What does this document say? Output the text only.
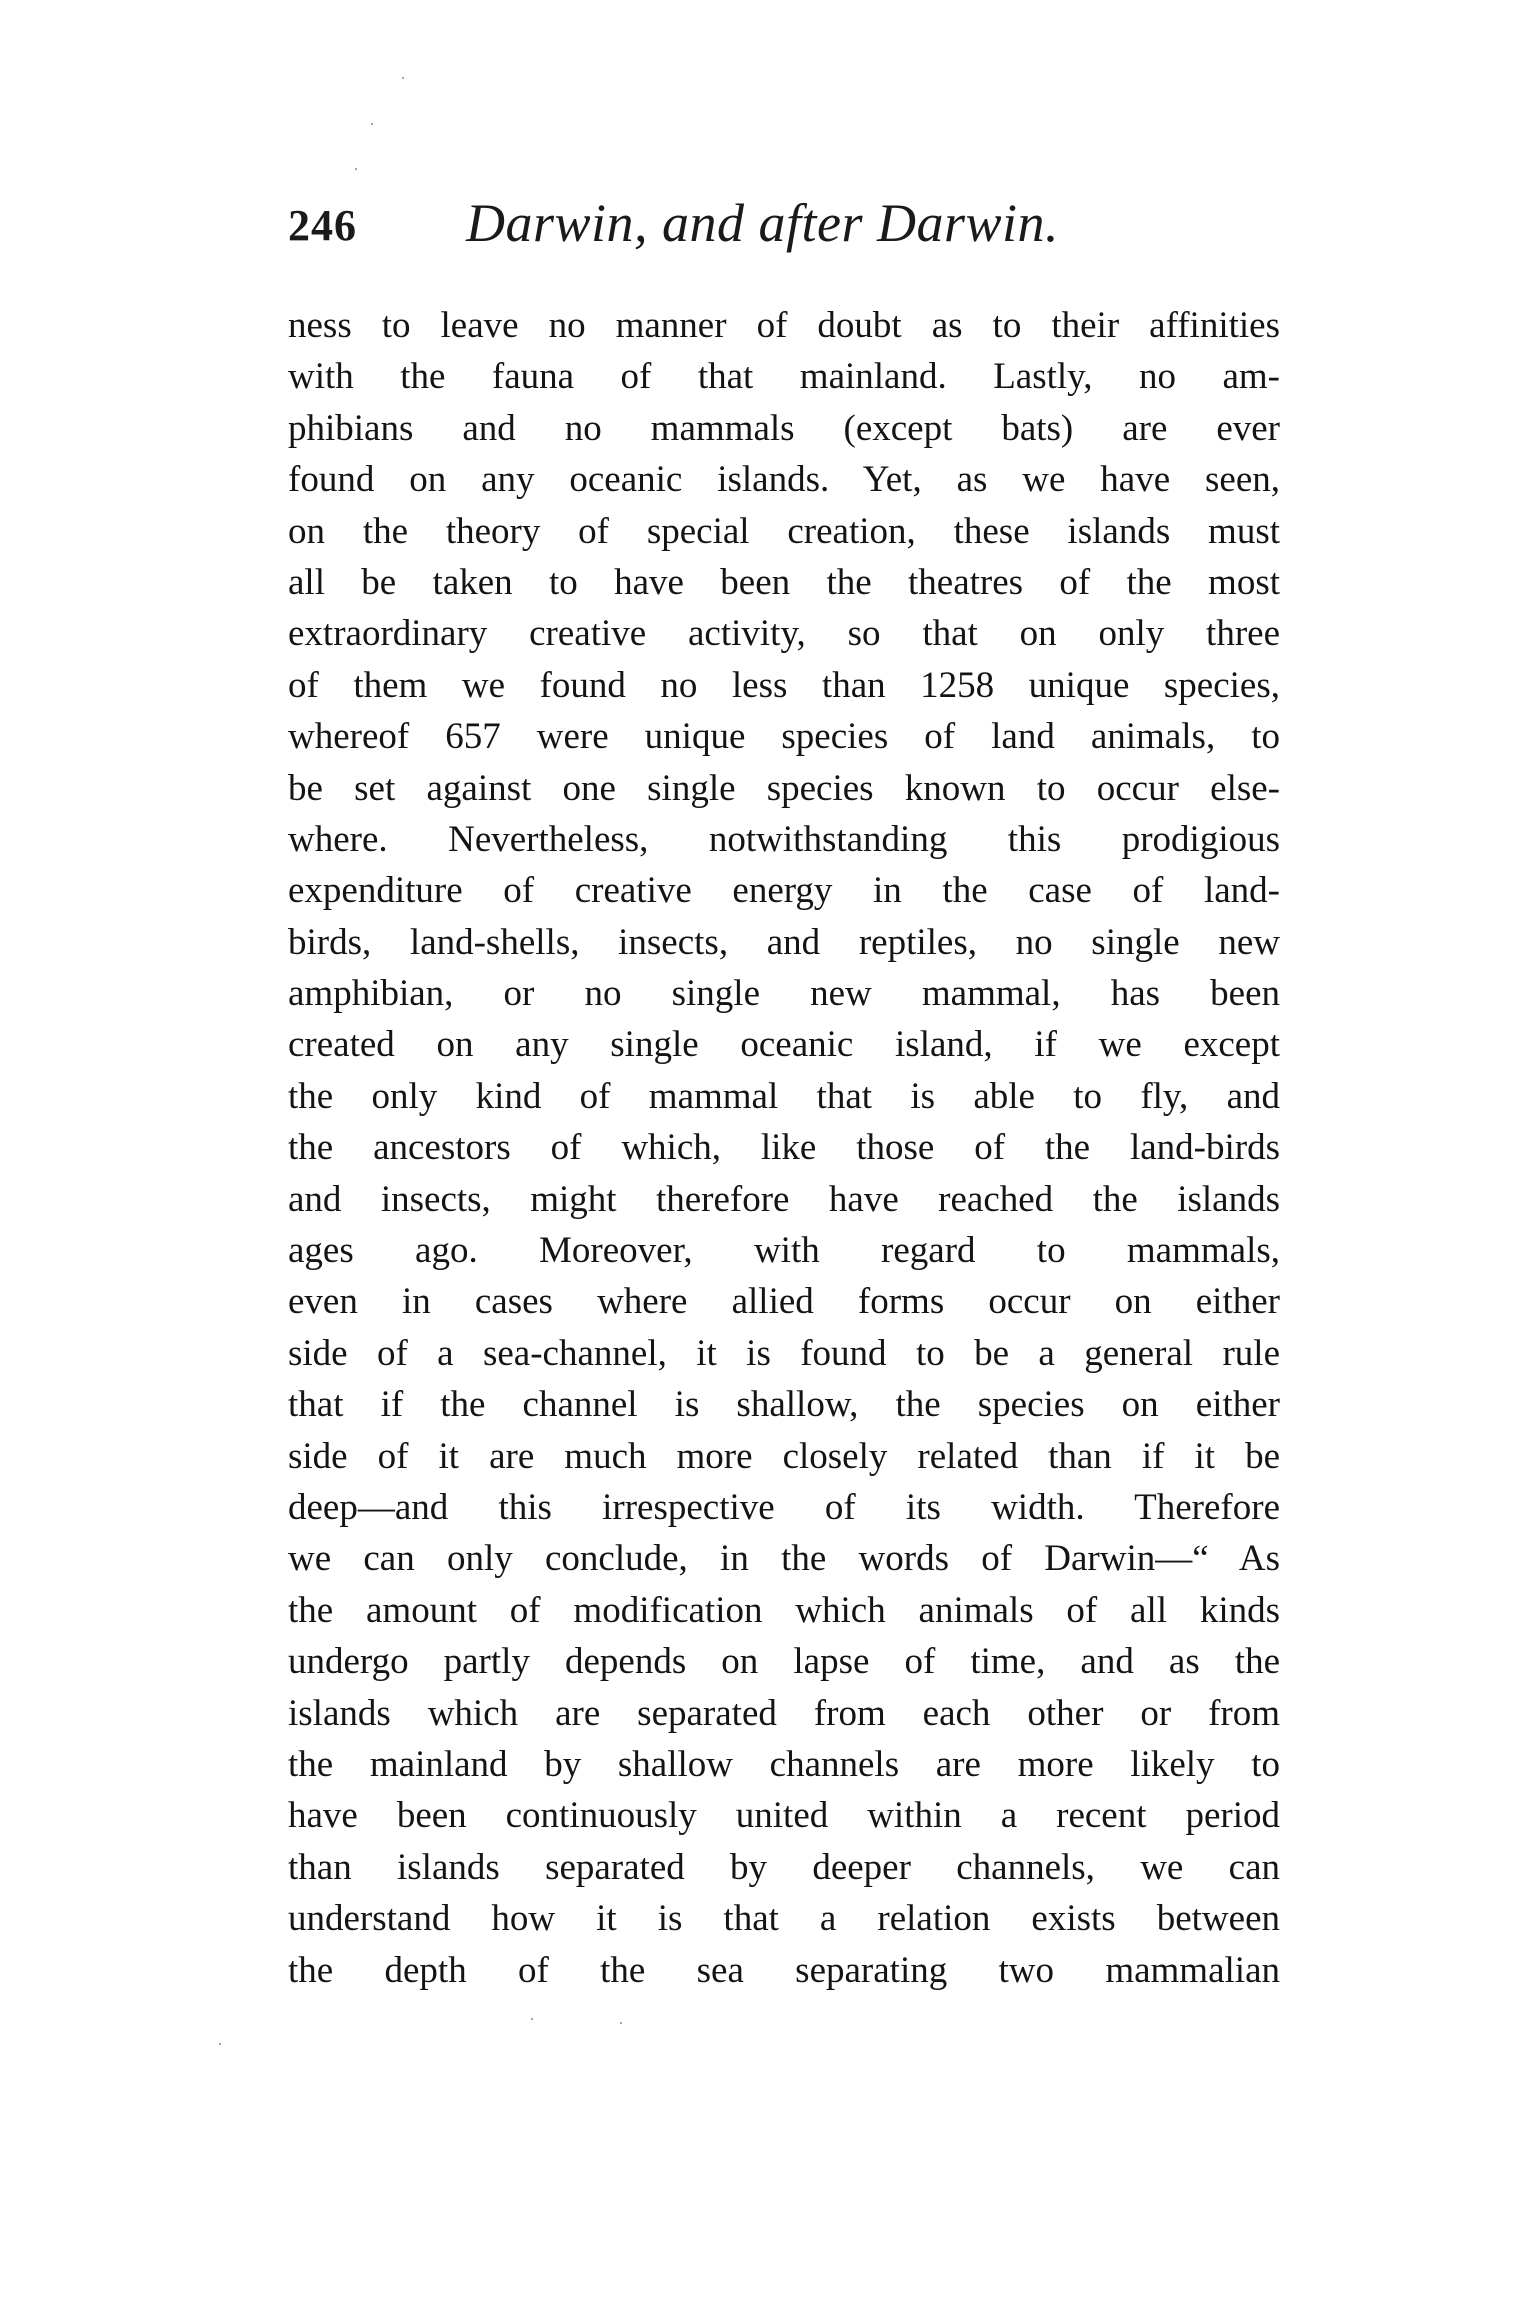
246 Darwin, and after Darwin.
ness to leave no manner of doubt as to their affinities
with the fauna of that mainland. Lastly, no am-
phibians and no mammals (except bats) are ever
found on any oceanic islands. Yet, as we have seen,
on the theory of special creation, these islands must
all be taken to have been the theatres of the most
extraordinary creative activity, so that on only three
of them we found no less than 1258 unique species,
whereof 657 were unique species of land animals, to
be set against one single species known to occur else-
where. Nevertheless, notwithstanding this prodigious
expenditure of creative energy in the case of land-
birds, land-shells, insects, and reptiles, no single new
amphibian, or no single new mammal, has been
created on any single oceanic island, if we except
the only kind of mammal that is able to fly, and
the ancestors of which, like those of the land-birds
and insects, might therefore have reached the islands
ages ago. Moreover, with regard to mammals,
even in cases where allied forms occur on either
side of a sea-channel, it is found to be a general rule
that if the channel is shallow, the species on either
side of it are much more closely related than if it be
deep—and this irrespective of its width. Therefore
we can only conclude, in the words of Darwin—“ As
the amount of modification which animals of all kinds
undergo partly depends on lapse of time, and as the
islands which are separated from each other or from
the mainland by shallow channels are more likely to
have been continuously united within a recent period
than islands separated by deeper channels, we can
understand how it is that a relation exists between
the depth of the sea separating two mammalian
